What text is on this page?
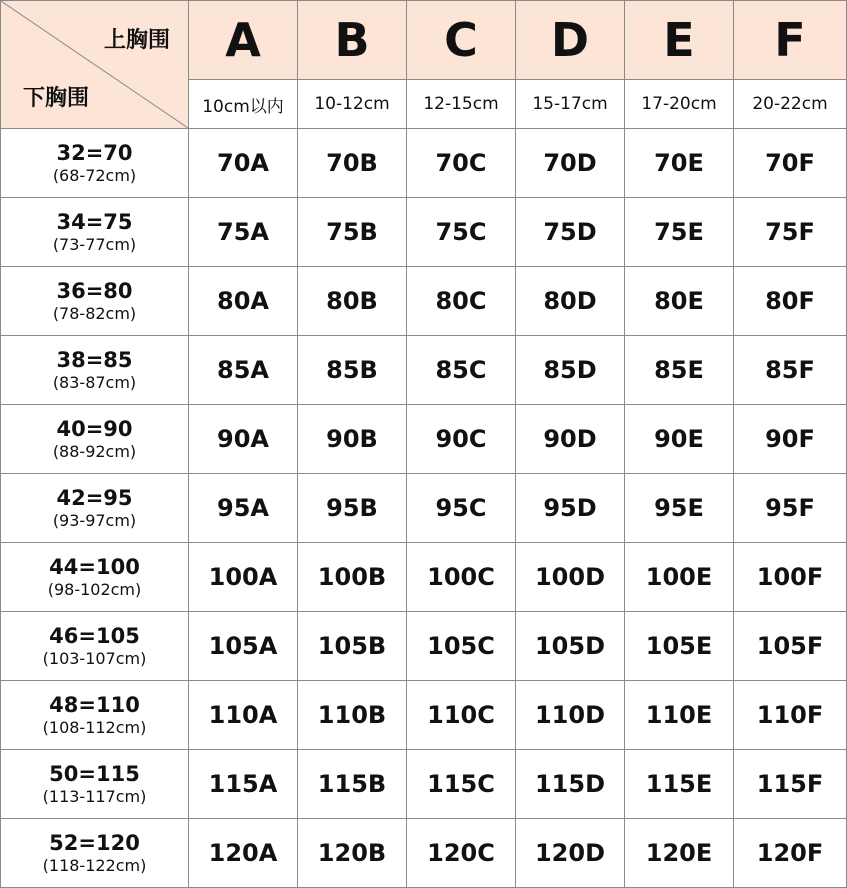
上胸围
下胸围	A	B	C	D	E	F
	10cm以内	10-12cm	12-15cm	15-17cm	17-20cm	20-22cm
32=70
(68-72cm)	70A	70B	70C	70D	70E	70F
34=75
(73-77cm)	75A	75B	75C	75D	75E	75F
36=80
(78-82cm)	80A	80B	80C	80D	80E	80F
38=85
(83-87cm)	85A	85B	85C	85D	85E	85F
40=90
(88-92cm)	90A	90B	90C	90D	90E	90F
42=95
(93-97cm)	95A	95B	95C	95D	95E	95F
44=100
(98-102cm)	100A	100B	100C	100D	100E	100F
46=105
(103-107cm)	105A	105B	105C	105D	105E	105F
48=110
(108-112cm)	110A	110B	110C	110D	110E	110F
50=115
(113-117cm)	115A	115B	115C	115D	115E	115F
52=120
(118-122cm)	120A	120B	120C	120D	120E	120F
